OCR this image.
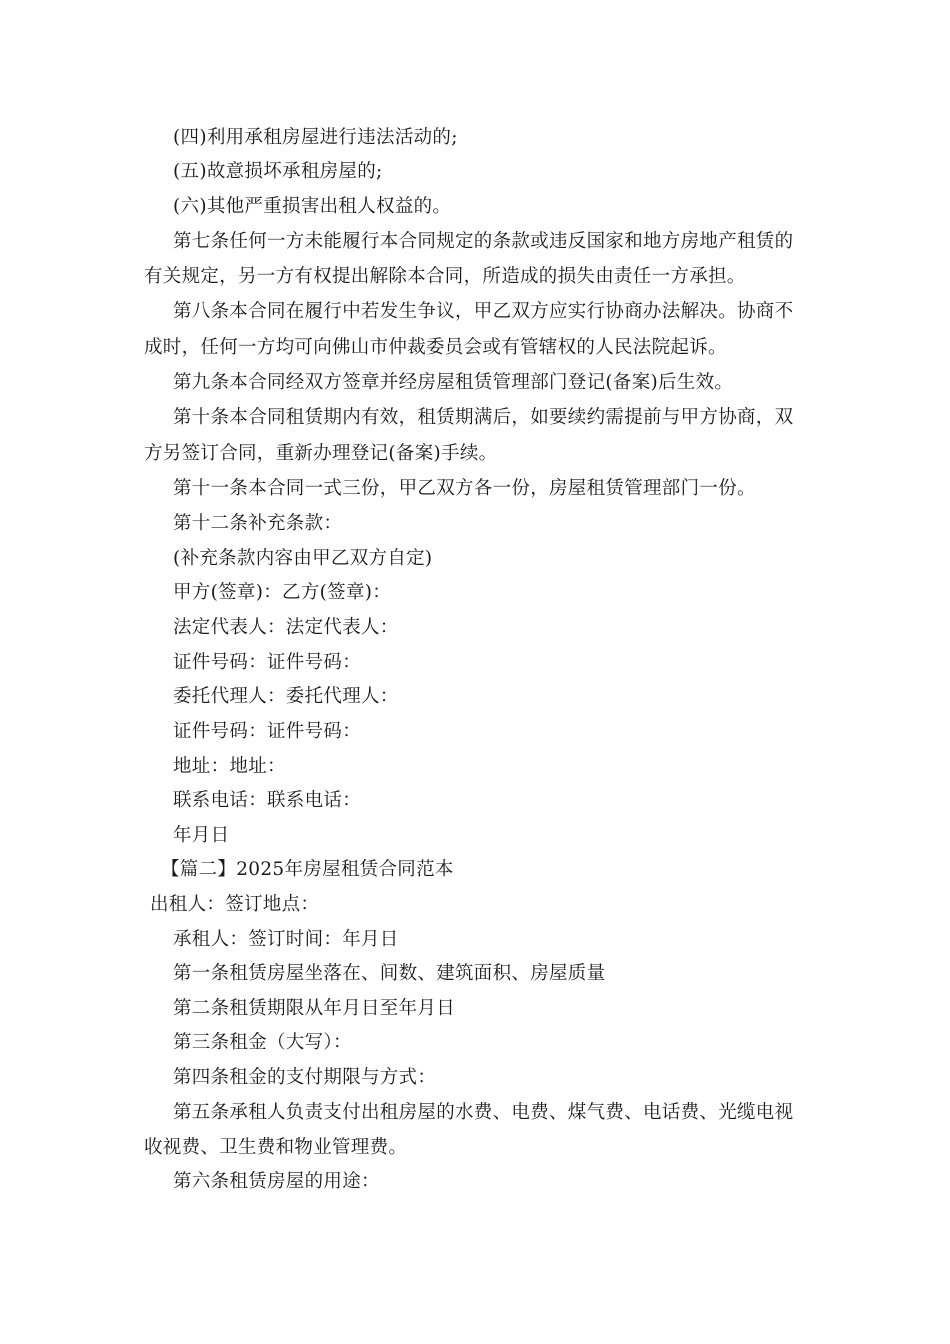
(四)利用承租房屋进行违法活动的;
(五)故意损坏承租房屋的;
(六)其他严重损害出租人权益的。
第七条任何一方未能履行本合同规定的条款或违反国家和地方房地产租赁的
有关规定，另一方有权提出解除本合同，所造成的损失由责任一方承担。
第八条本合同在履行中若发生争议，甲乙双方应实行协商办法解决。协商不
成时，任何一方均可向佛山市仲裁委员会或有管辖权的人民法院起诉。
第九条本合同经双方签章并经房屋租赁管理部门登记(备案)后生效。
第十条本合同租赁期内有效，租赁期满后，如要续约需提前与甲方协商，双
方另签订合同，重新办理登记(备案)手续。
第十一条本合同一式三份，甲乙双方各一份，房屋租赁管理部门一份。
第十二条补充条款：
(补充条款内容由甲乙双方自定)
甲方(签章)：乙方(签章)：
法定代表人：法定代表人：
证件号码：证件号码：
委托代理人：委托代理人：
证件号码：证件号码：
地址：地址：
联系电话：联系电话：
年月日
【篇二】2025年房屋租赁合同范本
出租人：签订地点：
承租人：签订时间：年月日
第一条租赁房屋坐落在、间数、建筑面积、房屋质量
第二条租赁期限从年月日至年月日
第三条租金（大写）：
第四条租金的支付期限与方式：
第五条承租人负责支付出租房屋的水费、电费、煤气费、电话费、光缆电视
收视费、卫生费和物业管理费。
第六条租赁房屋的用途：
